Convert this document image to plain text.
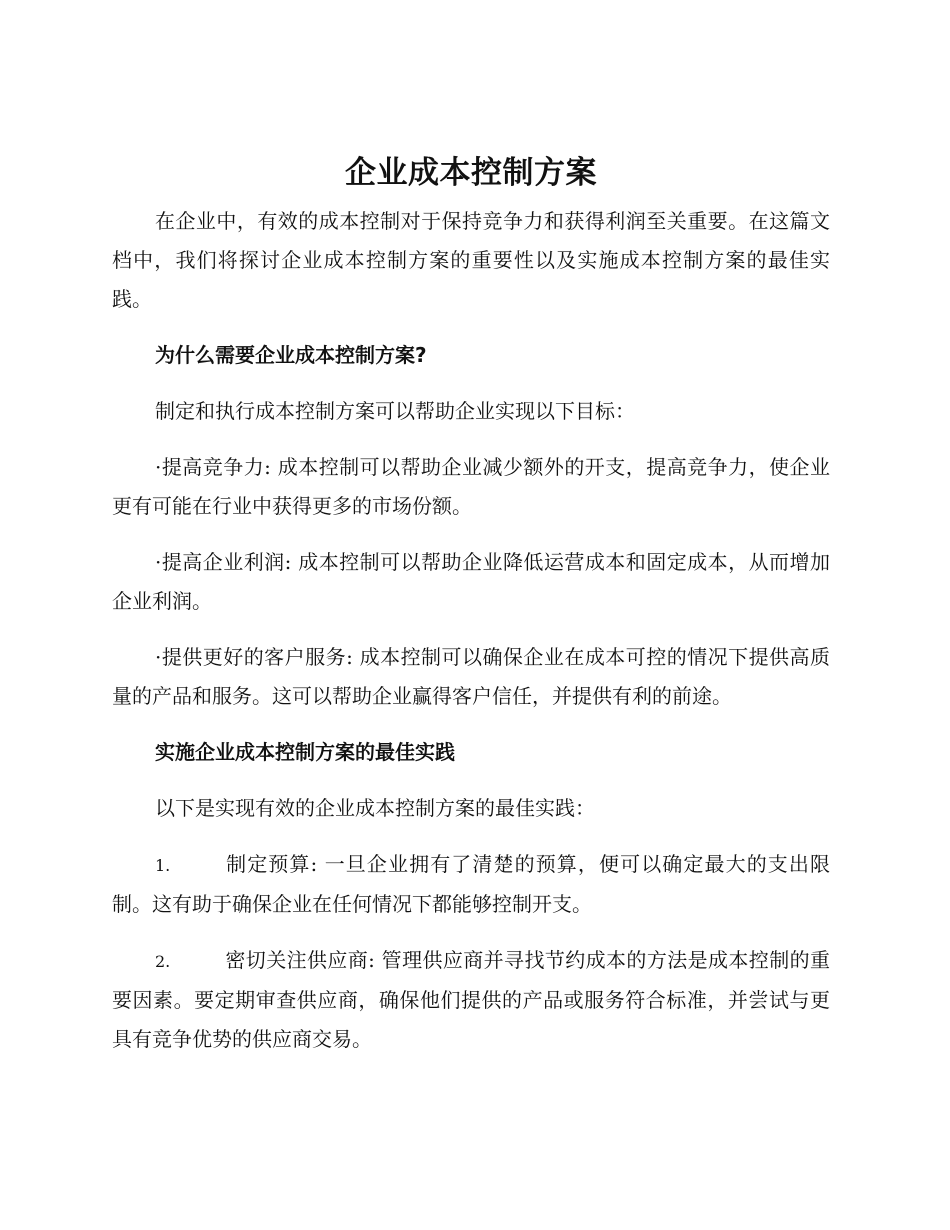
企业成本控制方案

在企业中，有效的成本控制对于保持竞争力和获得利润至关重要。在这篇文档中，我们将探讨企业成本控制方案的重要性以及实施成本控制方案的最佳实践。

为什么需要企业成本控制方案?

制定和执行成本控制方案可以帮助企业实现以下目标：

·提高竞争力: 成本控制可以帮助企业减少额外的开支，提高竞争力，使企业更有可能在行业中获得更多的市场份额。

·提高企业利润: 成本控制可以帮助企业降低运营成本和固定成本，从而增加企业利润。

·提供更好的客户服务: 成本控制可以确保企业在成本可控的情况下提供高质量的产品和服务。这可以帮助企业赢得客户信任，并提供有利的前途。

实施企业成本控制方案的最佳实践

以下是实现有效的企业成本控制方案的最佳实践：

1.	制定预算: 一旦企业拥有了清楚的预算，便可以确定最大的支出限制。这有助于确保企业在任何情况下都能够控制开支。

2.	密切关注供应商: 管理供应商并寻找节约成本的方法是成本控制的重要因素。要定期审查供应商，确保他们提供的产品或服务符合标准，并尝试与更具有竞争优势的供应商交易。
